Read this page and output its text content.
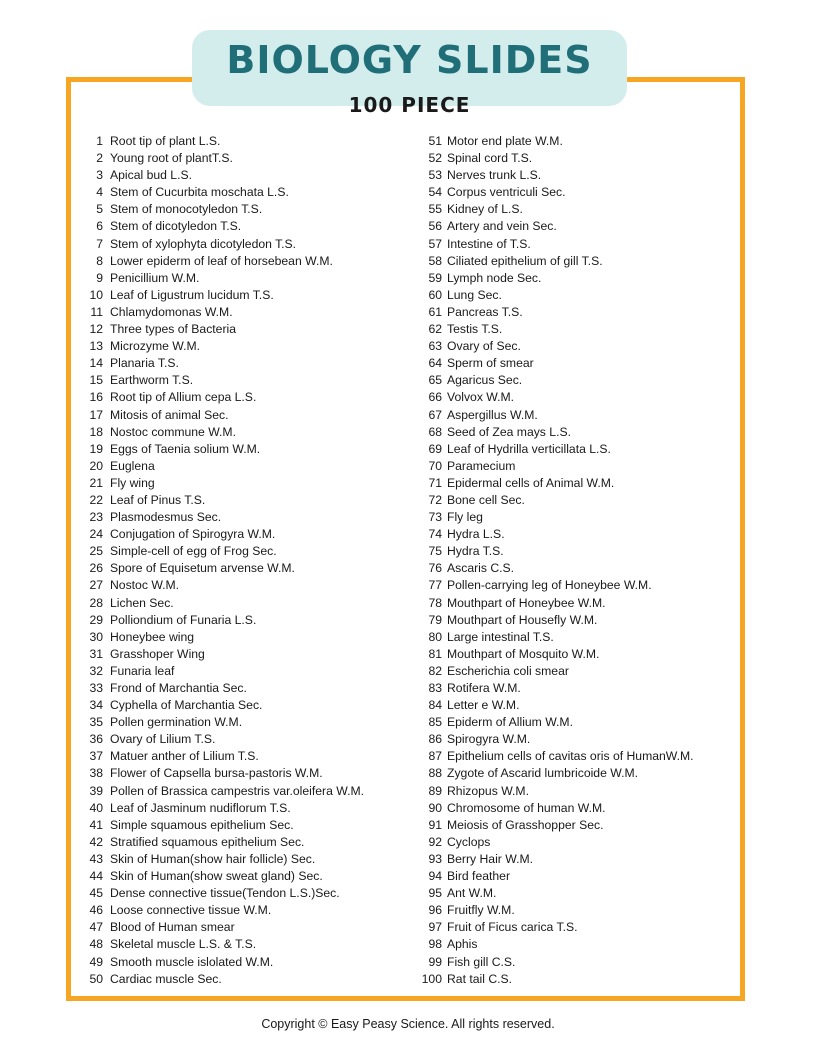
BIOLOGY SLIDES
100 PIECE
1 Root tip of plant L.S.
2 Young root of plantT.S.
3 Apical bud L.S.
4 Stem of Cucurbita moschata L.S.
5 Stem of monocotyledon T.S.
6 Stem of dicotyledon T.S.
7 Stem of xylophyta dicotyledon T.S.
8 Lower epiderm of leaf of horsebean W.M.
9 Penicillium W.M.
10 Leaf of Ligustrum lucidum T.S.
11 Chlamydomonas W.M.
12 Three types of Bacteria
13 Microzyme W.M.
14 Planaria T.S.
15 Earthworm T.S.
16 Root tip of Allium cepa L.S.
17 Mitosis of animal Sec.
18 Nostoc commune W.M.
19 Eggs of Taenia solium W.M.
20 Euglena
21 Fly wing
22 Leaf of Pinus T.S.
23 Plasmodesmus Sec.
24 Conjugation of Spirogyra W.M.
25 Simple-cell of egg of Frog Sec.
26 Spore of Equisetum arvense W.M.
27 Nostoc W.M.
28 Lichen Sec.
29 Polliondium of Funaria L.S.
30 Honeybee wing
31 Grasshoper Wing
32 Funaria leaf
33 Frond of Marchantia Sec.
34 Cyphella of Marchantia Sec.
35 Pollen germination W.M.
36 Ovary of Lilium T.S.
37 Matuer anther of Lilium T.S.
38 Flower of Capsella bursa-pastoris W.M.
39 Pollen of Brassica campestris var.oleifera W.M.
40 Leaf of Jasminum nudiflorum T.S.
41 Simple squamous epithelium Sec.
42 Stratified squamous epithelium Sec.
43 Skin of Human(show hair follicle) Sec.
44 Skin of Human(show sweat gland) Sec.
45 Dense connective tissue(Tendon L.S.)Sec.
46 Loose connective tissue W.M.
47 Blood of Human smear
48 Skeletal muscle L.S. & T.S.
49 Smooth muscle islolated W.M.
50 Cardiac muscle Sec.
51 Motor end plate W.M.
52 Spinal cord T.S.
53 Nerves trunk L.S.
54 Corpus ventriculi Sec.
55 Kidney of L.S.
56 Artery and vein Sec.
57 Intestine of T.S.
58 Ciliated epithelium of gill T.S.
59 Lymph node Sec.
60 Lung Sec.
61 Pancreas T.S.
62 Testis T.S.
63 Ovary of Sec.
64 Sperm of smear
65 Agaricus Sec.
66 Volvox W.M.
67 Aspergillus W.M.
68 Seed of Zea mays L.S.
69 Leaf of Hydrilla verticillata L.S.
70 Paramecium
71 Epidermal cells of Animal W.M.
72 Bone cell Sec.
73 Fly leg
74 Hydra L.S.
75 Hydra T.S.
76 Ascaris C.S.
77 Pollen-carrying leg of Honeybee W.M.
78 Mouthpart of Honeybee W.M.
79 Mouthpart of Housefly W.M.
80 Large intestinal T.S.
81 Mouthpart of Mosquito W.M.
82 Escherichia coli smear
83 Rotifera W.M.
84 Letter e W.M.
85 Epiderm of Allium W.M.
86 Spirogyra W.M.
87 Epithelium cells of cavitas oris of HumanW.M.
88 Zygote of Ascarid lumbricoide W.M.
89 Rhizopus W.M.
90 Chromosome of human W.M.
91 Meiosis of Grasshopper Sec.
92 Cyclops
93 Berry Hair W.M.
94 Bird feather
95 Ant W.M.
96 Fruitfly W.M.
97 Fruit of Ficus carica T.S.
98 Aphis
99 Fish gill C.S.
100 Rat tail C.S.
Copyright © Easy Peasy Science. All rights reserved.
